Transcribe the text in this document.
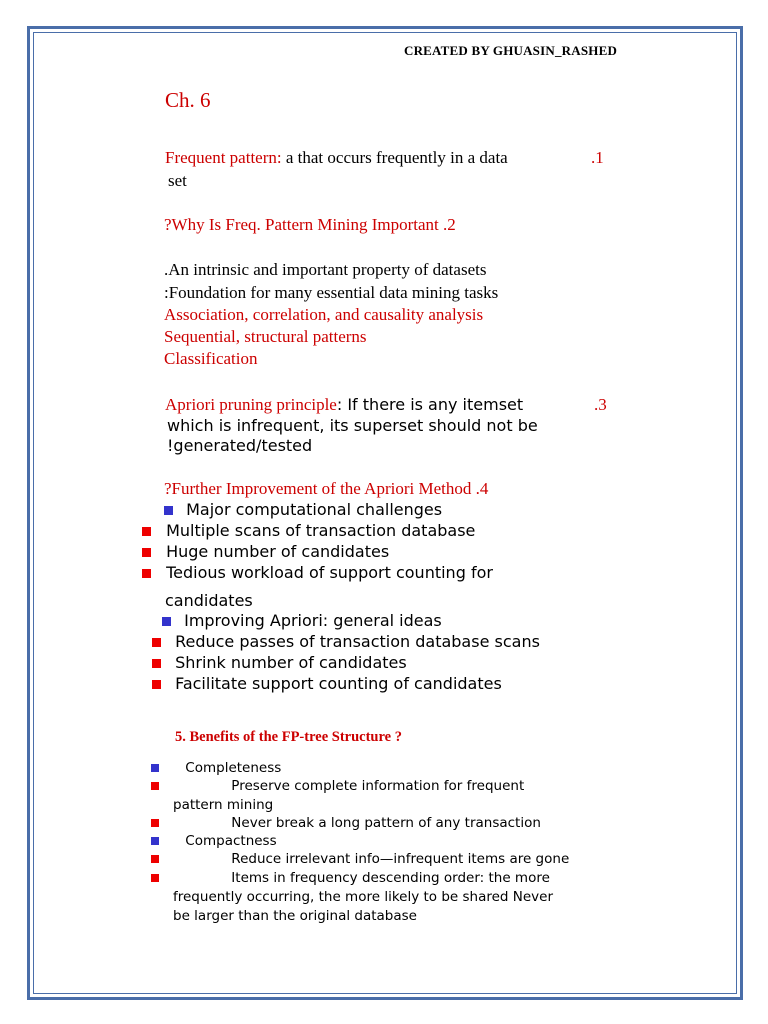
CREATED BY GHUASIN_RASHED
Ch. 6
Frequent pattern: a that occurs frequently in a data	.1
set
?Why Is Freq. Pattern Mining Important .2
.An intrinsic and important property of datasets
:Foundation for many essential data mining tasks
Association, correlation, and causality analysis
Sequential, structural patterns
Classification
Apriori pruning principle: If there is any itemset	.3
which is infrequent, its superset should not be
!generated/tested
?Further Improvement of the Apriori Method .4
Major computational challenges
Multiple scans of transaction database
Huge number of candidates
Tedious workload of support counting for
candidates
Improving Apriori: general ideas
Reduce passes of transaction database scans
Shrink number of candidates
Facilitate support counting of candidates
5. Benefits of the FP-tree Structure ?
Completeness
Preserve complete information for frequent
pattern mining
Never break a long pattern of any transaction
Compactness
Reduce irrelevant info—infrequent items are gone
Items in frequency descending order: the more
frequently occurring, the more likely to be shared Never
be larger than the original database
